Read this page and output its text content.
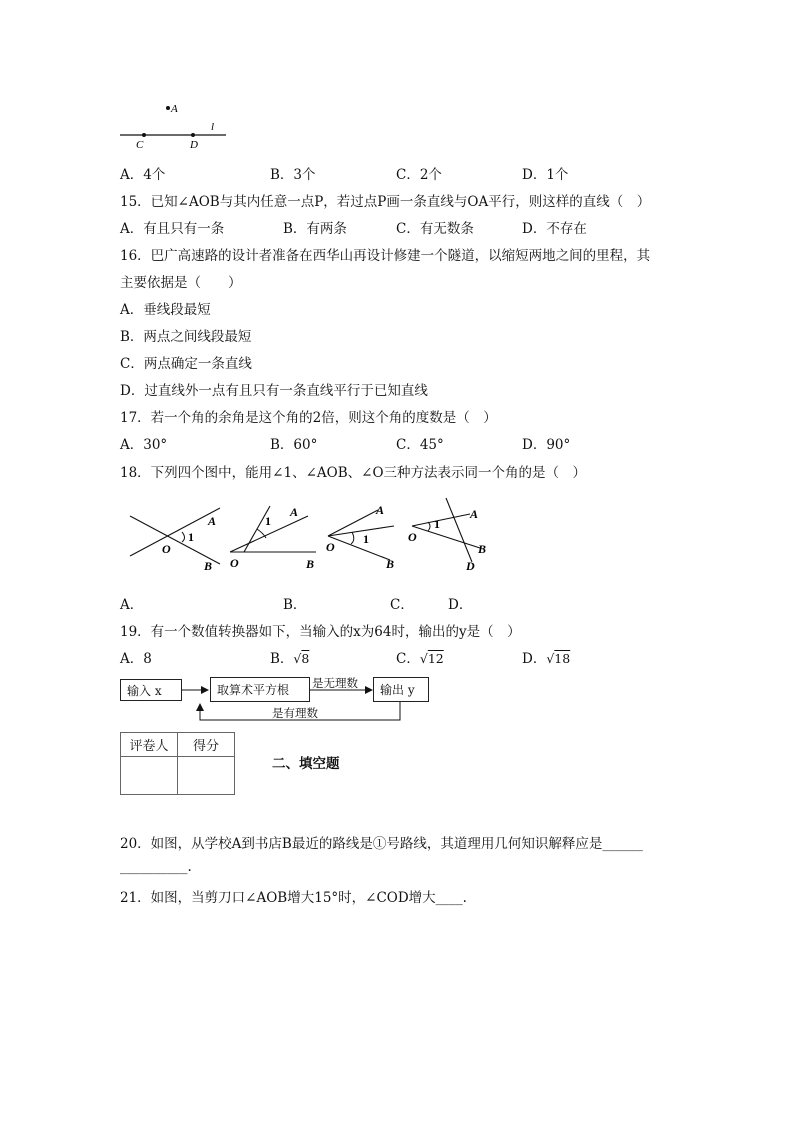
A
l
C	D
A．4个	B．3个	C．2个	D．1个
15．已知∠AOB与其内任意一点P，若过点P画一条直线与OA平行，则这样的直线（　）
A．有且只有一条	B．有两条	C．有无数条	D．不存在
16．巴广高速路的设计者准备在西华山再设计修建一个隧道，以缩短两地之间的里程，其
主要依据是（　　）
A．垂线段最短
B．两点之间线段最短
C．两点确定一条直线
D．过直线外一点有且只有一条直线平行于已知直线
17．若一个角的余角是这个角的2倍，则这个角的度数是（　）
A．30°	B．60°	C．45°	D．90°
18．下列四个图中，能用∠1、∠AOB、∠O三种方法表示同一个角的是（　）
A
1
O
B
1
A
O	B
A
1
O
B
1
A
O
B
D
A．	B．	C．	D．
19．有一个数值转换器如下，当输入的x为64时，输出的y是（　）
A．8	B．√8	C．√12	D．√18
输入 x	取算术平方根	输出 y
是无理数
是有理数
评卷人	得分

二、填空题
20．如图，从学校A到书店B最近的路线是①号路线，其道理用几何知识解释应是______
__________.
21．如图，当剪刀口∠AOB增大15°时，∠COD增大____.
